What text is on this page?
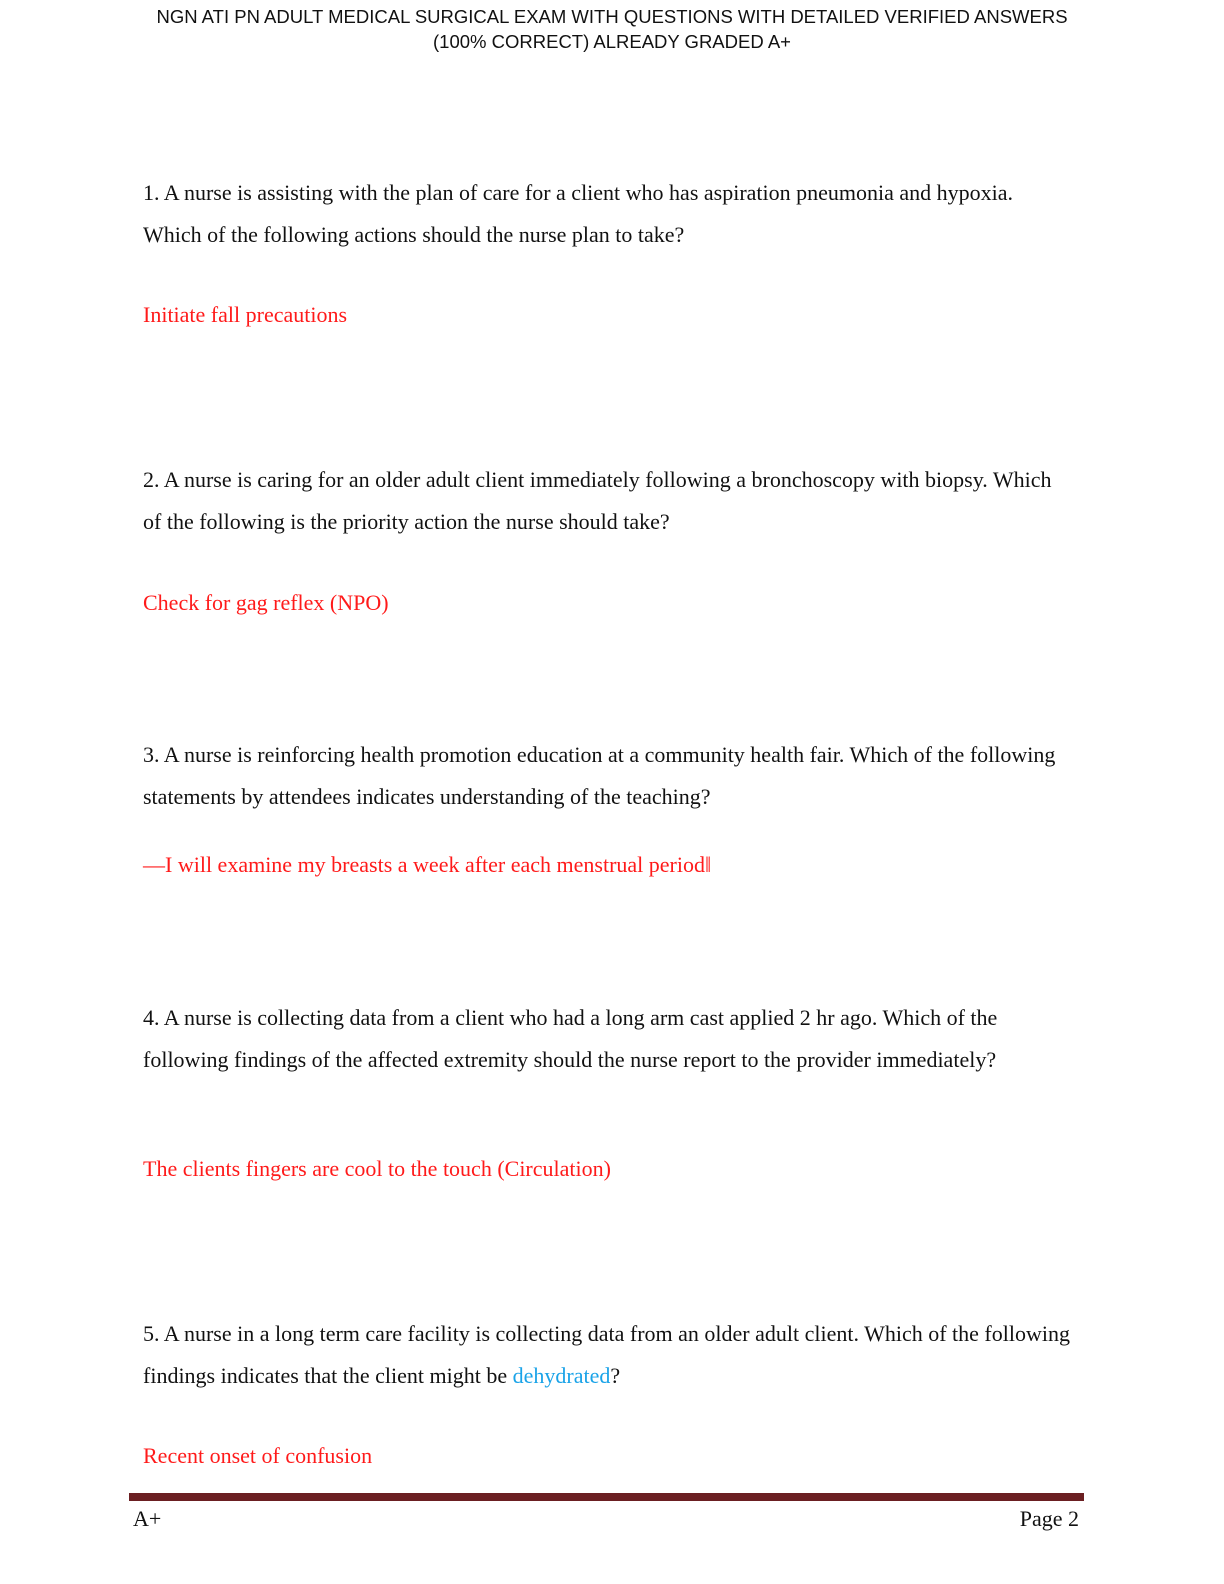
NGN ATI PN ADULT MEDICAL SURGICAL EXAM WITH QUESTIONS WITH DETAILED VERIFIED ANSWERS
(100% CORRECT) ALREADY GRADED A+

1. A nurse is assisting with the plan of care for a client who has aspiration pneumonia and hypoxia. Which of the following actions should the nurse plan to take?

Initiate fall precautions

2. A nurse is caring for an older adult client immediately following a bronchoscopy with biopsy. Which of the following is the priority action the nurse should take?

Check for gag reflex (NPO)

3. A nurse is reinforcing health promotion education at a community health fair. Which of the following statements by attendees indicates understanding of the teaching?

—I will examine my breasts a week after each menstrual period‖

4. A nurse is collecting data from a client who had a long arm cast applied 2 hr ago. Which of the following findings of the affected extremity should the nurse report to the provider immediately?

The clients fingers are cool to the touch (Circulation)

5. A nurse in a long term care facility is collecting data from an older adult client. Which of the following findings indicates that the client might be dehydrated?

Recent onset of confusion

A+	Page 2
